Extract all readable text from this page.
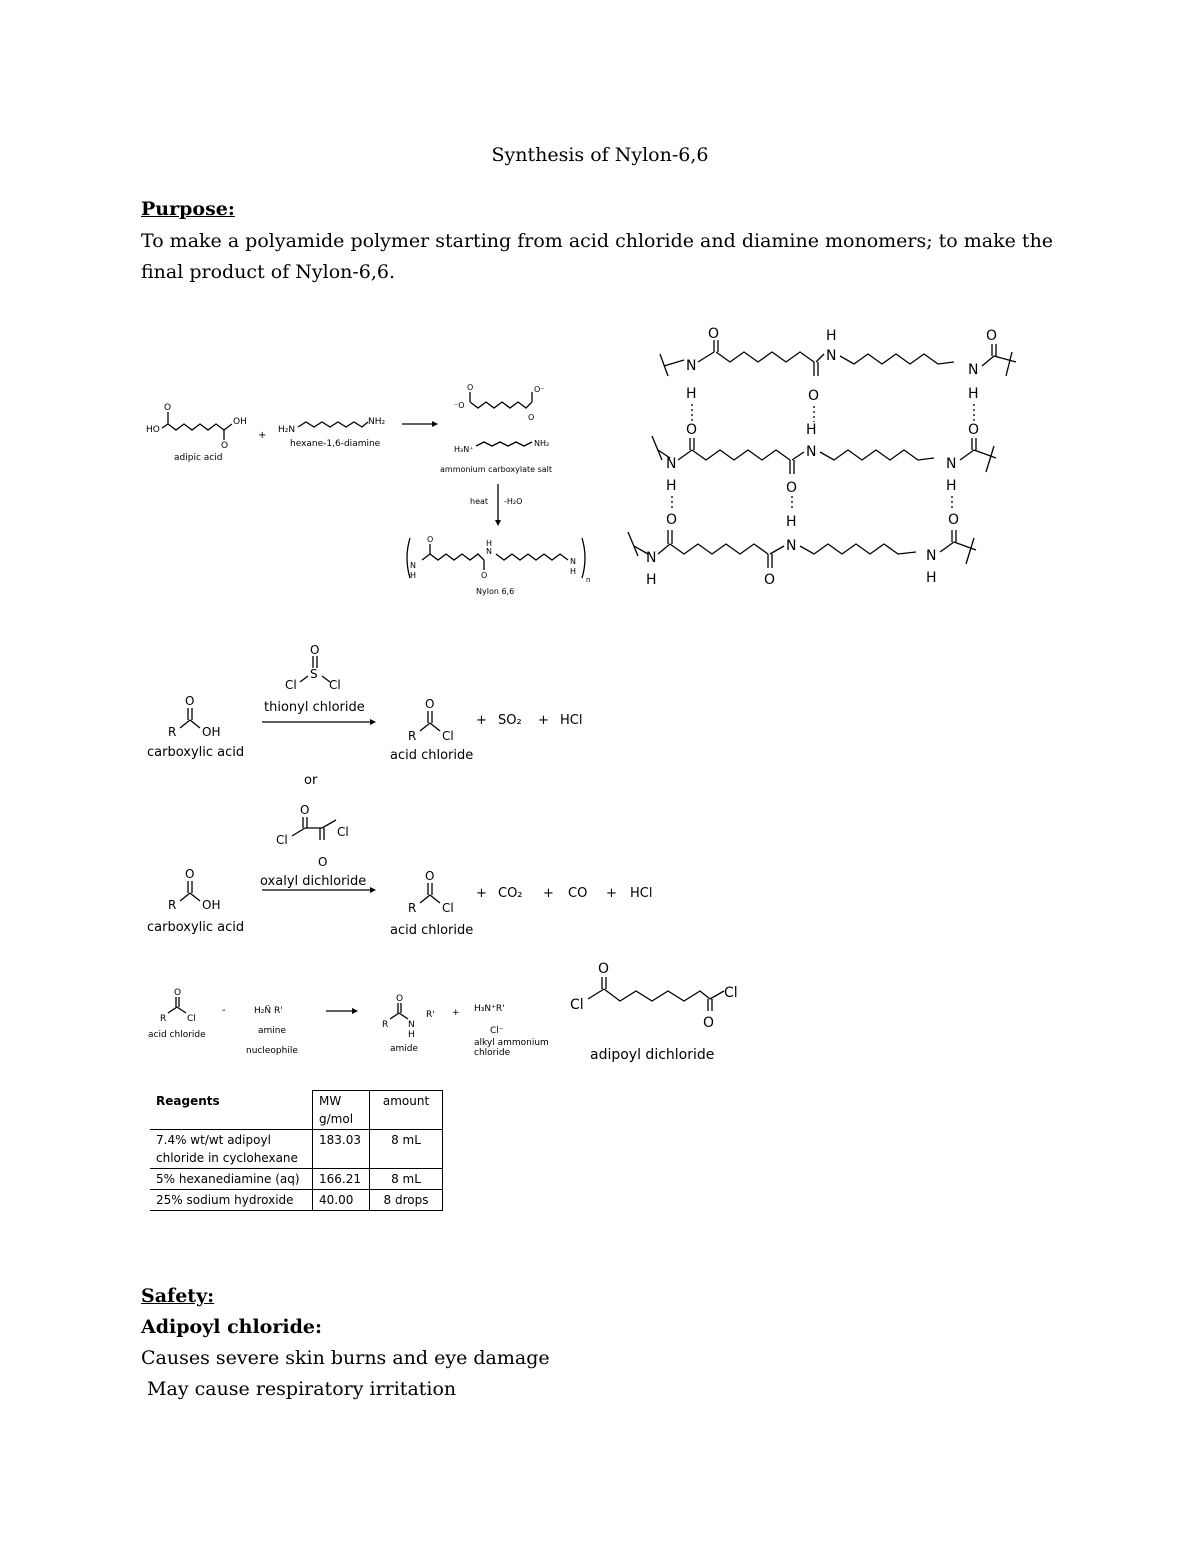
Synthesis of Nylon-6,6
Purpose:
To make a polyamide polymer starting from acid chloride and diamine monomers; to make the final product of Nylon-6,6.
HO
O
O
OH
adipic acid
+ H₂N
NH₂
hexane-1,6-diamine
⁻O
O	O⁻
O
H₃N⁺
NH₂
ammonium carboxylate salt
heat -H₂O
N
H
O
N
H
O
N
H
n
Nylon 6,6
N
H
O
O
N
H
N
H
O
O
N
H	O
N
H
N
H
O
O
N
H	O
N
H
N
H
O
O
S
Cl	Cl
thionyl chloride
O
R OH
carboxylic acid
O
R Cl
acid chloride
+ SO₂ + HCl
or
O
Cl
Cl
O
oxalyl dichloride
O
R OH
carboxylic acid
O
R Cl
acid chloride
+ CO₂ + CO + HCl
O
R Cl
acid chloride
-	H₂N̈ R'
amine
nucleophile
O
R N
R'
H
amide
+ H₃N⁺R'
Cl⁻
alkyl ammonium
chloride
O
Cl
O
Cl
adipoyl dichloride
Reagents	MW g/mol	amount
7.4% wt/wt adipoyl chloride in cyclohexane	183.03	8 mL
5% hexanediamine (aq)	166.21	8 mL
25% sodium hydroxide	40.00	8 drops
Safety:
Adipoyl chloride:
Causes severe skin burns and eye damage
May cause respiratory irritation
